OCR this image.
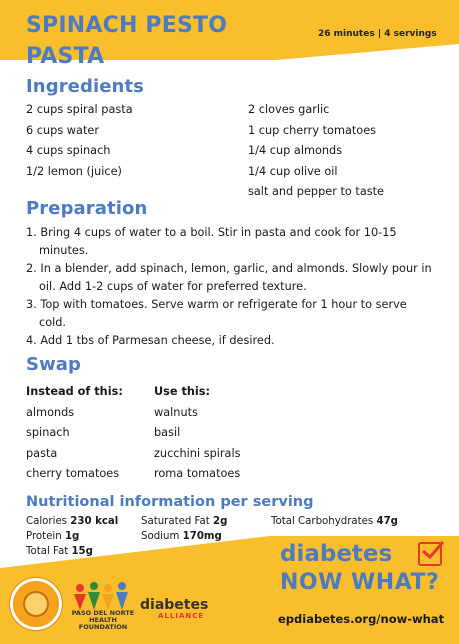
SPINACH PESTO PASTA
26 minutes | 4 servings
Ingredients
2 cups spiral pasta
6 cups water
4 cups spinach
1/2 lemon (juice)
2 cloves garlic
1 cup cherry tomatoes
1/4 cup almonds
1/4 cup olive oil
salt and pepper to taste
Preparation
1. Bring 4 cups of water to a boil. Stir in pasta and cook for 10-15 minutes.
2. In a blender, add spinach, lemon, garlic, and almonds. Slowly pour in oil. Add 1-2 cups of water for preferred texture.
3. Top with tomatoes. Serve warm or refrigerate for 1 hour to serve cold.
4. Add 1 tbs of Parmesan cheese, if desired.
Swap
Instead of this:
almonds
spinach
pasta
cherry tomatoes
Use this:
walnuts
basil
zucchini spirals
roma tomatoes
Nutritional information per serving
Calories 230 kcal
Protein 1g
Total Fat 15g
Saturated Fat 2g
Sodium 170mg
Total Carbohydrates 47g
diabetes
NOW WHAT?
epdiabetes.org/now-what
PASO DEL NORTE HEALTH FOUNDATION
diabetes
ALLIANCE
